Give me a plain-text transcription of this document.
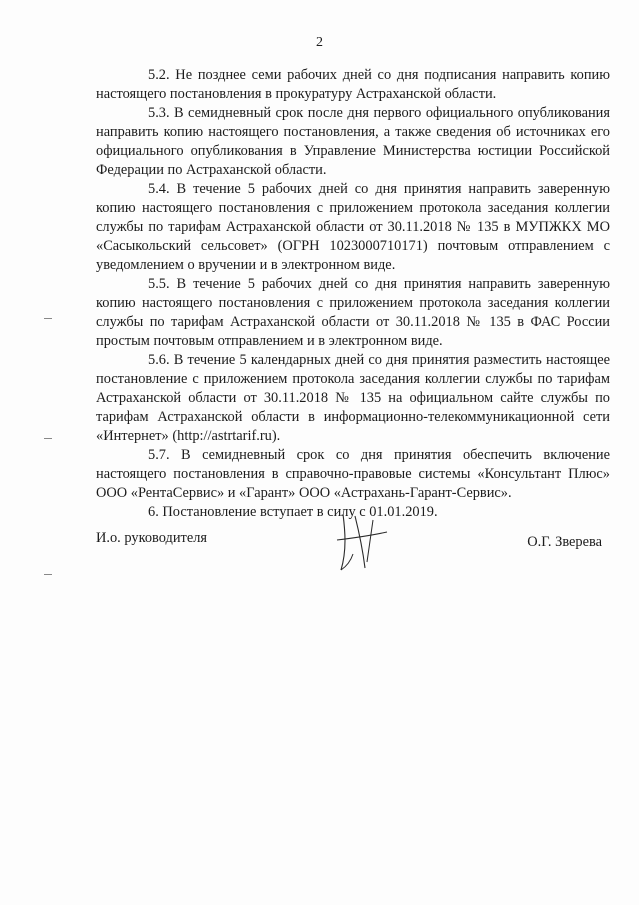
2

5.2. Не позднее семи рабочих дней со дня подписания направить копию настоящего постановления в прокуратуру Астраханской области.

5.3. В семидневный срок после дня первого официального опубликования направить копию настоящего постановления, а также сведения об источниках его официального опубликования в Управление Министерства юстиции Российской Федерации по Астраханской области.

5.4. В течение 5 рабочих дней со дня принятия направить заверенную копию настоящего постановления с приложением протокола заседания коллегии службы по тарифам Астраханской области от 30.11.2018 № 135 в МУПЖКХ МО «Сасыкольский сельсовет» (ОГРН 1023000710171) почтовым отправлением с уведомлением о вручении и в электронном виде.

5.5. В течение 5 рабочих дней со дня принятия направить заверенную копию настоящего постановления с приложением протокола заседания коллегии службы по тарифам Астраханской области от 30.11.2018 № 135 в ФАС России простым почтовым отправлением и в электронном виде.

5.6. В течение 5 календарных дней со дня принятия разместить настоящее постановление с приложением протокола заседания коллегии службы по тарифам Астраханской области от 30.11.2018 № 135 на официальном сайте службы по тарифам Астраханской области в информационно-телекоммуникационной сети «Интернет» (http://astrtarif.ru).

5.7. В семидневный срок со дня принятия обеспечить включение настоящего постановления в справочно-правовые системы «Консультант Плюс» ООО «РентаСервис» и «Гарант» ООО «Астрахань-Гарант-Сервис».

6. Постановление вступает в силу с 01.01.2019.

И.о. руководителя	О.Г. Зверева
